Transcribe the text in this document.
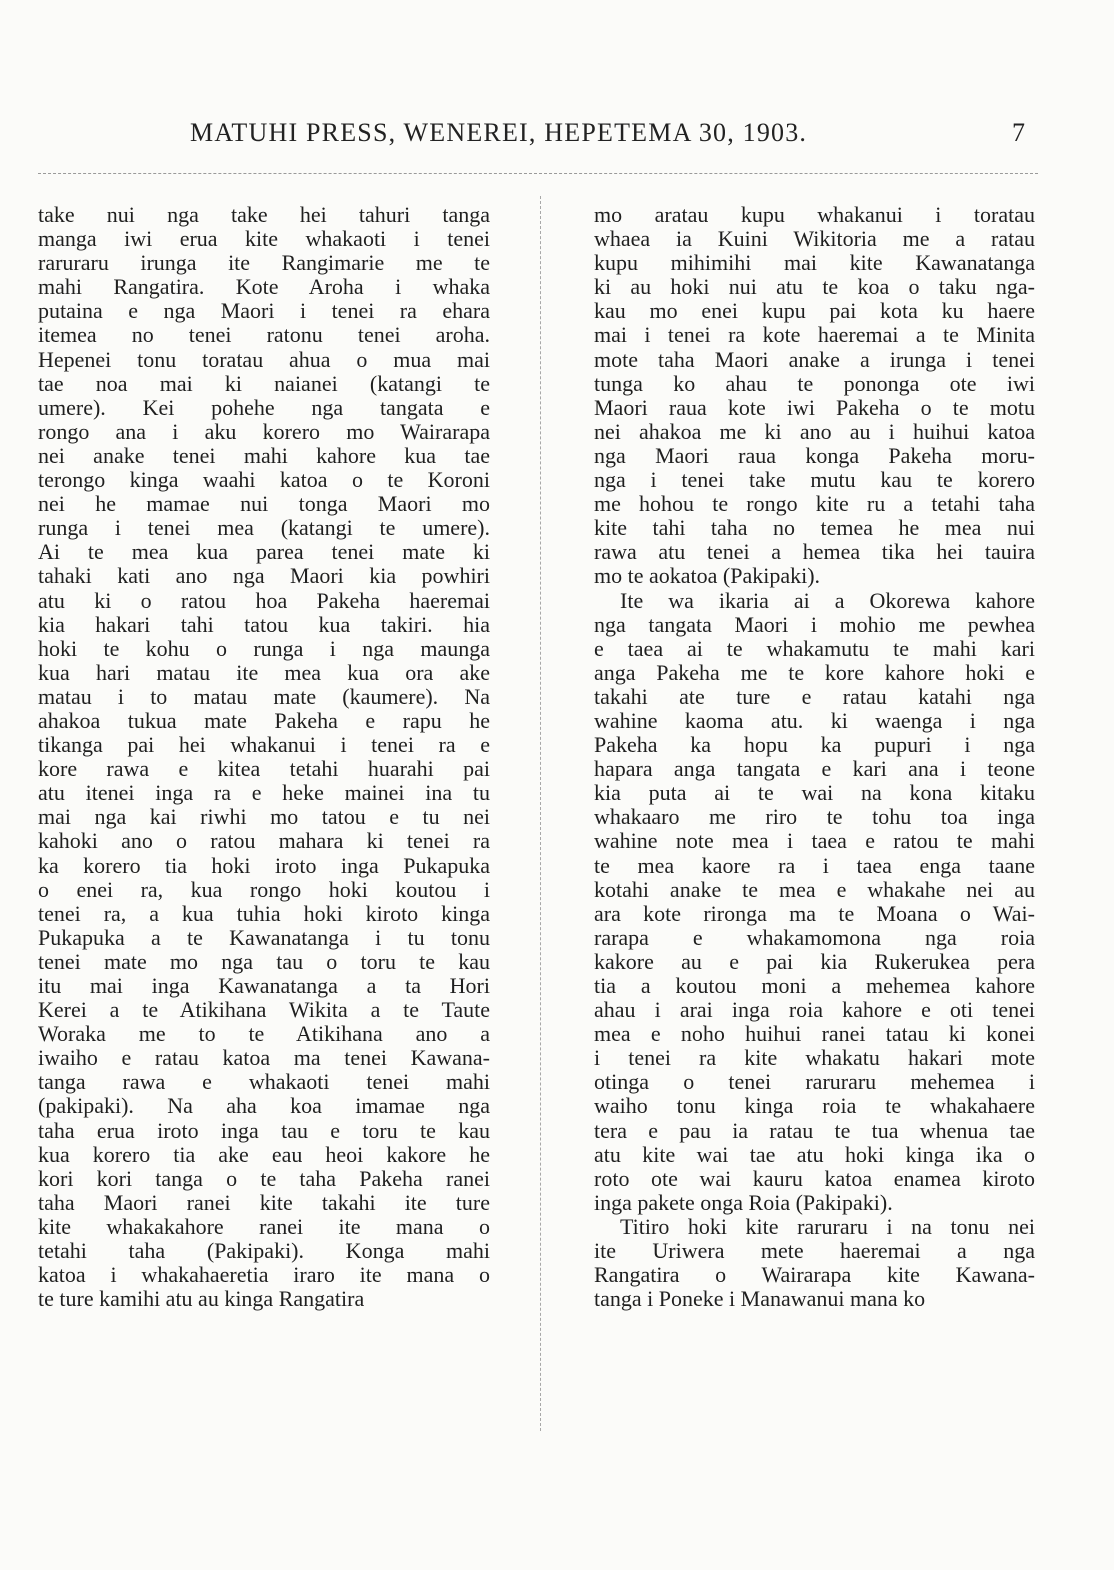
MATUHI PRESS, WENEREI, HEPETEMA 30, 1903.	7
take nui nga take hei tahuri tanga
manga iwi erua kite whakaoti i tenei
raruraru irunga ite Rangimarie me te
mahi Rangatira. Kote Aroha i whaka
putaina e nga Maori i tenei ra ehara
itemea no tenei ratonu tenei aroha.
Hepenei tonu toratau ahua o mua mai
tae noa mai ki naianei (katangi te
umere). Kei pohehe nga tangata e
rongo ana i aku korero mo Wairarapa
nei anake tenei mahi kahore kua tae
terongo kinga waahi katoa o te Koroni
nei he mamae nui tonga Maori mo
runga i tenei mea (katangi te umere).
Ai te mea kua parea tenei mate ki
tahaki kati ano nga Maori kia powhiri
atu ki o ratou hoa Pakeha haeremai
kia hakari tahi tatou kua takiri. hia
hoki te kohu o runga i nga maunga
kua hari matau ite mea kua ora ake
matau i to matau mate (kaumere). Na
ahakoa tukua mate Pakeha e rapu he
tikanga pai hei whakanui i tenei ra e
kore rawa e kitea tetahi huarahi pai
atu itenei inga ra e heke mainei ina tu
mai nga kai riwhi mo tatou e tu nei
kahoki ano o ratou mahara ki tenei ra
ka korero tia hoki iroto inga Pukapuka
o enei ra, kua rongo hoki koutou i
tenei ra, a kua tuhia hoki kiroto kinga
Pukapuka a te Kawanatanga i tu tonu
tenei mate mo nga tau o toru te kau
itu mai inga Kawanatanga a ta Hori
Kerei a te Atikihana Wikita a te Taute
Woraka me to te Atikihana ano a
iwaiho e ratau katoa ma tenei Kawana-
tanga rawa e whakaoti tenei mahi
(pakipaki). Na aha koa imamae nga
taha erua iroto inga tau e toru te kau
kua korero tia ake eau heoi kakore he
kori kori tanga o te taha Pakeha ranei
taha Maori ranei kite takahi ite ture
kite whakakahore ranei ite mana o
tetahi taha (Pakipaki). Konga mahi
katoa i whakahaeretia iraro ite mana o
te ture kamihi atu au kinga Rangatira
mo aratau kupu whakanui i toratau
whaea ia Kuini Wikitoria me a ratau
kupu mihimihi mai kite Kawanatanga
ki au hoki nui atu te koa o taku nga-
kau mo enei kupu pai kota ku haere
mai i tenei ra kote haeremai a te Minita
mote taha Maori anake a irunga i tenei
tunga ko ahau te pononga ote iwi
Maori raua kote iwi Pakeha o te motu
nei ahakoa me ki ano au i huihui katoa
nga Maori raua konga Pakeha moru-
nga i tenei take mutu kau te korero
me hohou te rongo kite ru a tetahi taha
kite tahi taha no temea he mea nui
rawa atu tenei a hemea tika hei tauira
mo te aokatoa (Pakipaki).
Ite wa ikaria ai a Okorewa kahore
nga tangata Maori i mohio me pewhea
e taea ai te whakamutu te mahi kari
anga Pakeha me te kore kahore hoki e
takahi ate ture e ratau katahi nga
wahine kaoma atu. ki waenga i nga
Pakeha ka hopu ka pupuri i nga
hapara anga tangata e kari ana i teone
kia puta ai te wai na kona kitaku
whakaaro me riro te tohu toa inga
wahine note mea i taea e ratou te mahi
te mea kaore ra i taea enga taane
kotahi anake te mea e whakahe nei au
ara kote rironga ma te Moana o Wai-
rarapa e whakamomona nga roia
kakore au e pai kia Rukerukea pera
tia a koutou moni a mehemea kahore
ahau i arai inga roia kahore e oti tenei
mea e noho huihui ranei tatau ki konei
i tenei ra kite whakatu hakari mote
otinga o tenei raruraru mehemea i
waiho tonu kinga roia te whakahaere
tera e pau ia ratau te tua whenua tae
atu kite wai tae atu hoki kinga ika o
roto ote wai kauru katoa enamea kiroto
inga pakete onga Roia (Pakipaki).
Titiro hoki kite raruraru i na tonu nei
ite Uriwera mete haeremai a nga
Rangatira o Wairarapa kite Kawana-
tanga i Poneke i Manawanui mana ko
